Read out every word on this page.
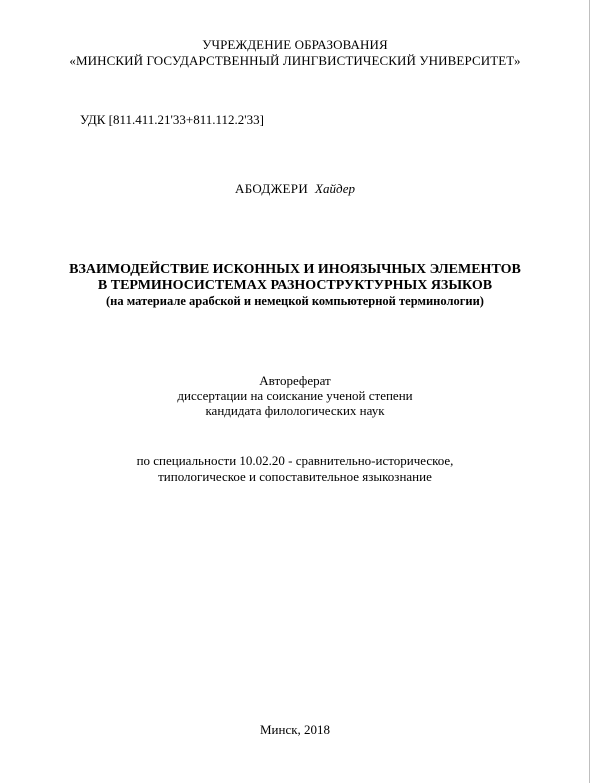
УЧРЕЖДЕНИЕ ОБРАЗОВАНИЯ
«МИНСКИЙ ГОСУДАРСТВЕННЫЙ ЛИНГВИСТИЧЕСКИЙ УНИВЕРСИТЕТ»
УДК [811.411.21'33+811.112.2'33]
АБОДЖЕРИ Хайдер
ВЗАИМОДЕЙСТВИЕ ИСКОННЫХ И ИНОЯЗЫЧНЫХ ЭЛЕМЕНТОВ
В ТЕРМИНОСИСТЕМАХ РАЗНОСТРУКТУРНЫХ ЯЗЫКОВ
(на материале арабской и немецкой компьютерной терминологии)
Автореферат
диссертации на соискание ученой степени
кандидата филологических наук
по специальности 10.02.20 - сравнительно-историческое,
типологическое и сопоставительное языкознание
Минск, 2018
